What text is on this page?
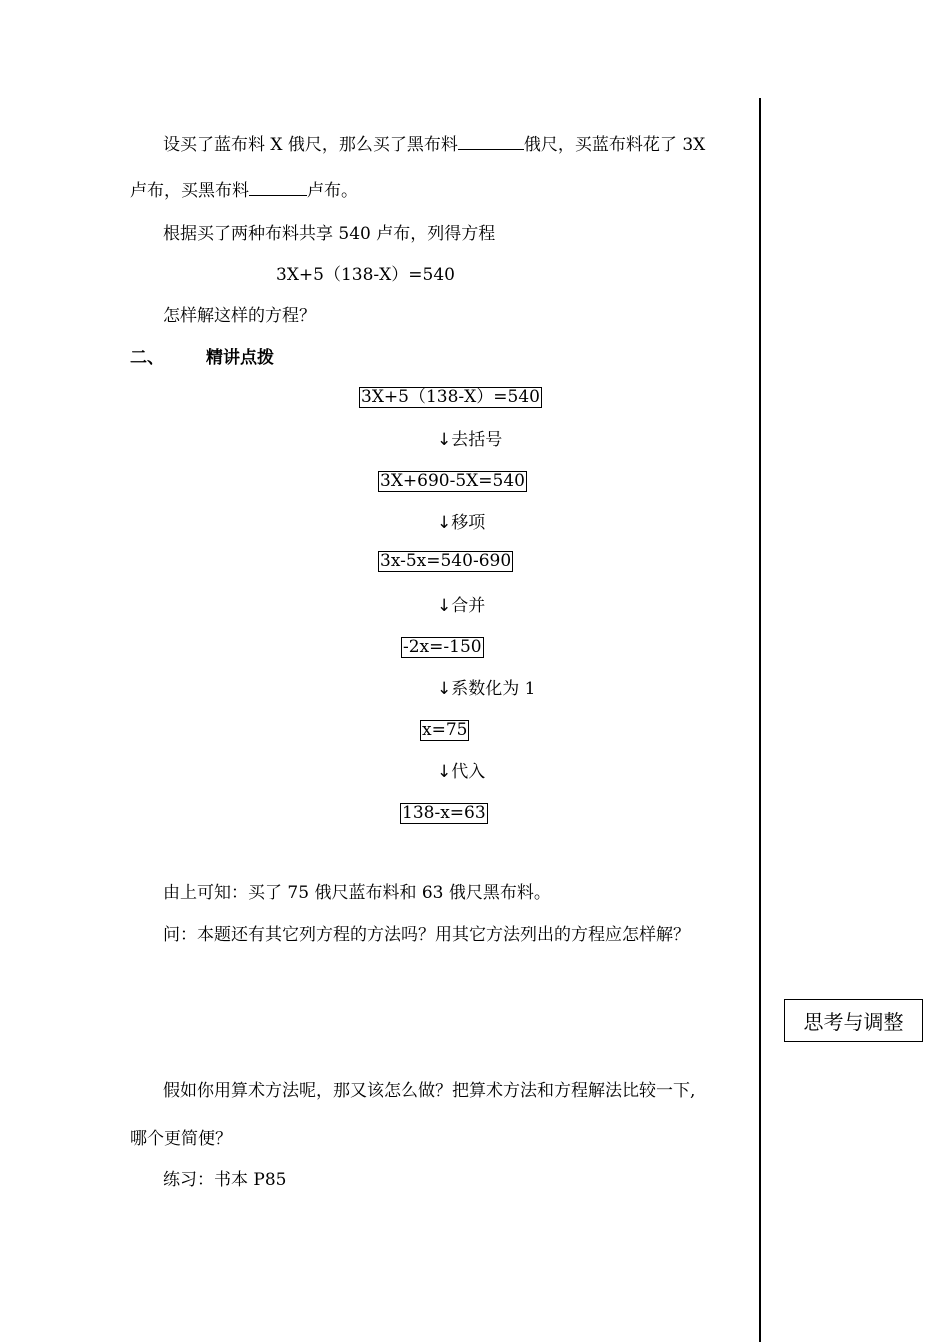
设买了蓝布料 X 俄尺，那么买了黑布料	俄尺，买蓝布料花了 3X
卢布，买黑布料	卢布。
根据买了两种布料共享 540 卢布，列得方程
3X+5（138-X）=540
怎样解这样的方程？
二、 精讲点拨
3X+5（138-X）=540
↓去括号
3X+690-5X=540
↓移项
3x-5x=540-690
↓合并
-2x=-150
↓系数化为 1
x=75
↓代入
138-x=63
由上可知：买了 75 俄尺蓝布料和 63 俄尺黑布料。
问：本题还有其它列方程的方法吗？用其它方法列出的方程应怎样解？
思考与调整
假如你用算术方法呢，那又该怎么做？把算术方法和方程解法比较一下,
哪个更简便？
练习：书本 P85
